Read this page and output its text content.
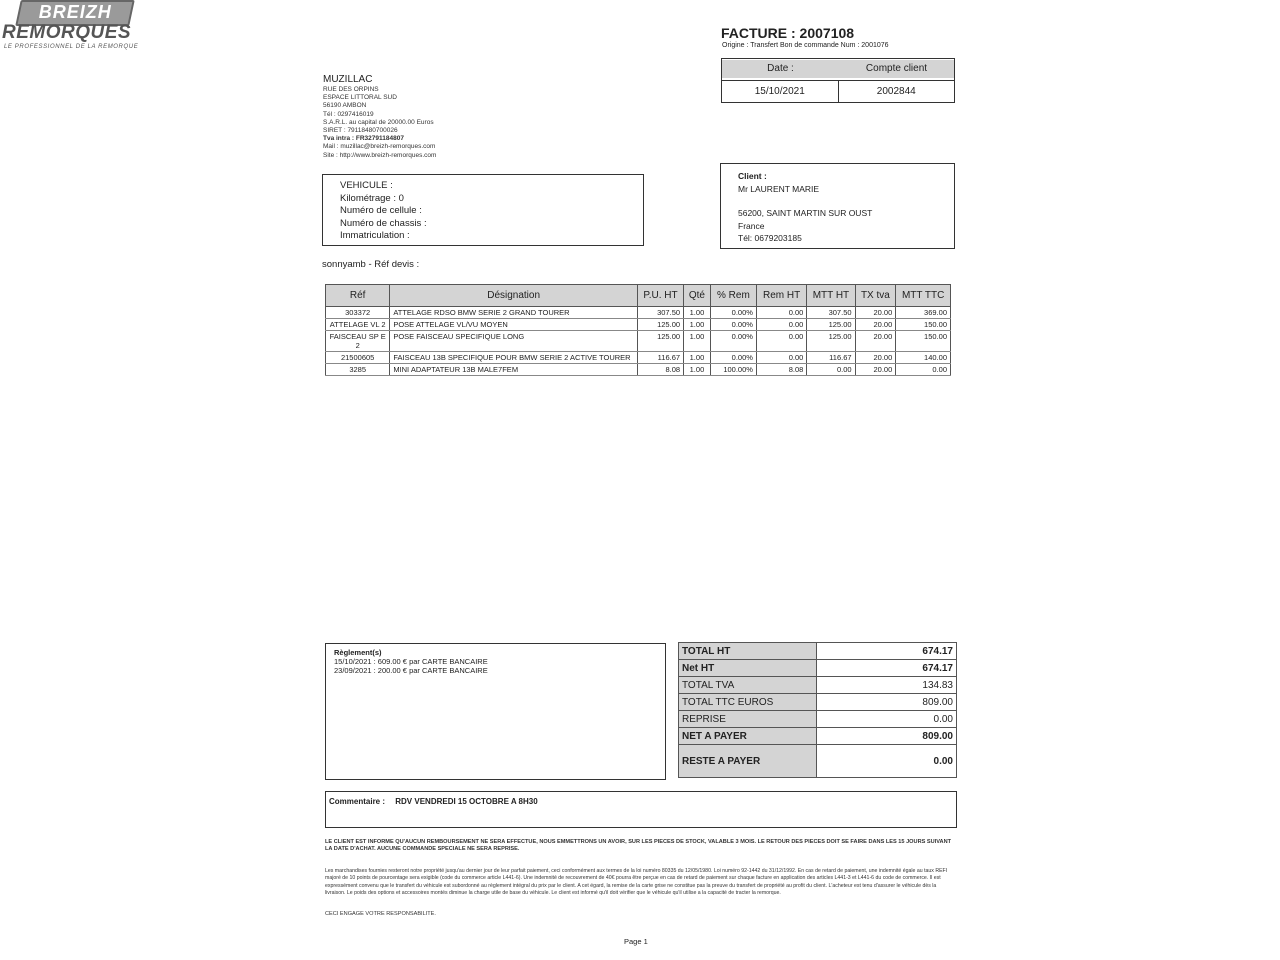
BREIZH
REMORQUES
LE PROFESSIONNEL DE LA REMORQUE
MUZILLAC
RUE DES ORPINS
ESPACE LITTORAL SUD
56190 AMBON
Tél : 0297416019
S.A.R.L. au capital de 20000.00 Euros
SIRET : 79118480700026
Tva intra : FR32791184807
Mail : muzillac@breizh-remorques.com
Site : http://www.breizh-remorques.com
FACTURE : 2007108
Origine : Transfert Bon de commande Num : 2001076
Date :	Compte client
15/10/2021	2002844
VEHICULE :
Kilométrage : 0
Numéro de cellule :
Numéro de chassis :
Immatriculation :
Client :
Mr LAURENT MARIE
56200, SAINT MARTIN SUR OUST
France
Tél: 0679203185
sonnyamb - Réf devis :
Réf	Désignation	P.U. HT	Qté	% Rem	Rem HT	MTT HT	TX tva	MTT TTC
303372	ATTELAGE RDSO BMW SERIE 2 GRAND TOURER	307.50	1.00	0.00%	0.00	307.50	20.00	369.00
ATTELAGE VL 2	POSE ATTELAGE VL/VU MOYEN	125.00	1.00	0.00%	0.00	125.00	20.00	150.00
FAISCEAU SP E 2	POSE FAISCEAU SPECIFIQUE LONG	125.00	1.00	0.00%	0.00	125.00	20.00	150.00
21500605	FAISCEAU 13B SPECIFIQUE POUR BMW SERIE 2 ACTIVE TOURER	116.67	1.00	0.00%	0.00	116.67	20.00	140.00
3285	MINI ADAPTATEUR 13B MALE7FEM	8.08	1.00	100.00%	8.08	0.00	20.00	0.00
Règlement(s)
15/10/2021 : 609.00 € par CARTE BANCAIRE
23/09/2021 : 200.00 € par CARTE BANCAIRE
TOTAL HT	674.17
Net HT	674.17
TOTAL TVA	134.83
TOTAL TTC EUROS	809.00
REPRISE	0.00
NET A PAYER	809.00
RESTE A PAYER	0.00
Commentaire : RDV VENDREDI 15 OCTOBRE A 8H30
LE CLIENT EST INFORME QU'AUCUN REMBOURSEMENT NE SERA EFFECTUE, NOUS EMMETTRONS UN AVOIR, SUR LES PIECES DE STOCK, VALABLE 3 MOIS. LE RETOUR DES PIECES DOIT SE FAIRE DANS LES 15 JOURS SUIVANT LA DATE D'ACHAT. AUCUNE COMMANDE SPECIALE NE SERA REPRISE.
Les marchandises fournies resteront notre propriété jusqu'au dernier jour de leur parfait paiement, ceci conformément aux termes de la loi numéro 80335 du 12/05/1980. Loi numéro 92-1442 du 31/12/1992. En cas de retard de paiement, une indemnité égale au taux REFI majoré de 10 points de pourcentage sera exigible (code du commerce article L441-6). Une indemnité de recouvrement de 40€ pourra être perçue en cas de retard de paiement sur chaque facture en application des articles L441-3 et L441-6 du code de commerce. Il est expressément convenu que le transfert du véhicule est subordonné au règlement intégral du prix par le client. A cet égard, la remise de la carte grise ne constitue pas la preuve du transfert de propriété au profit du client. L'acheteur est tenu d'assurer le véhicule dès la livraison. Le poids des options et accessoires montés diminue la charge utile de base du véhicule. Le client est informé qu'il doit vérifier que le véhicule qu'il utilise a la capacité de tracter la remorque.
CECI ENGAGE VOTRE RESPONSABILITE.
Page 1
